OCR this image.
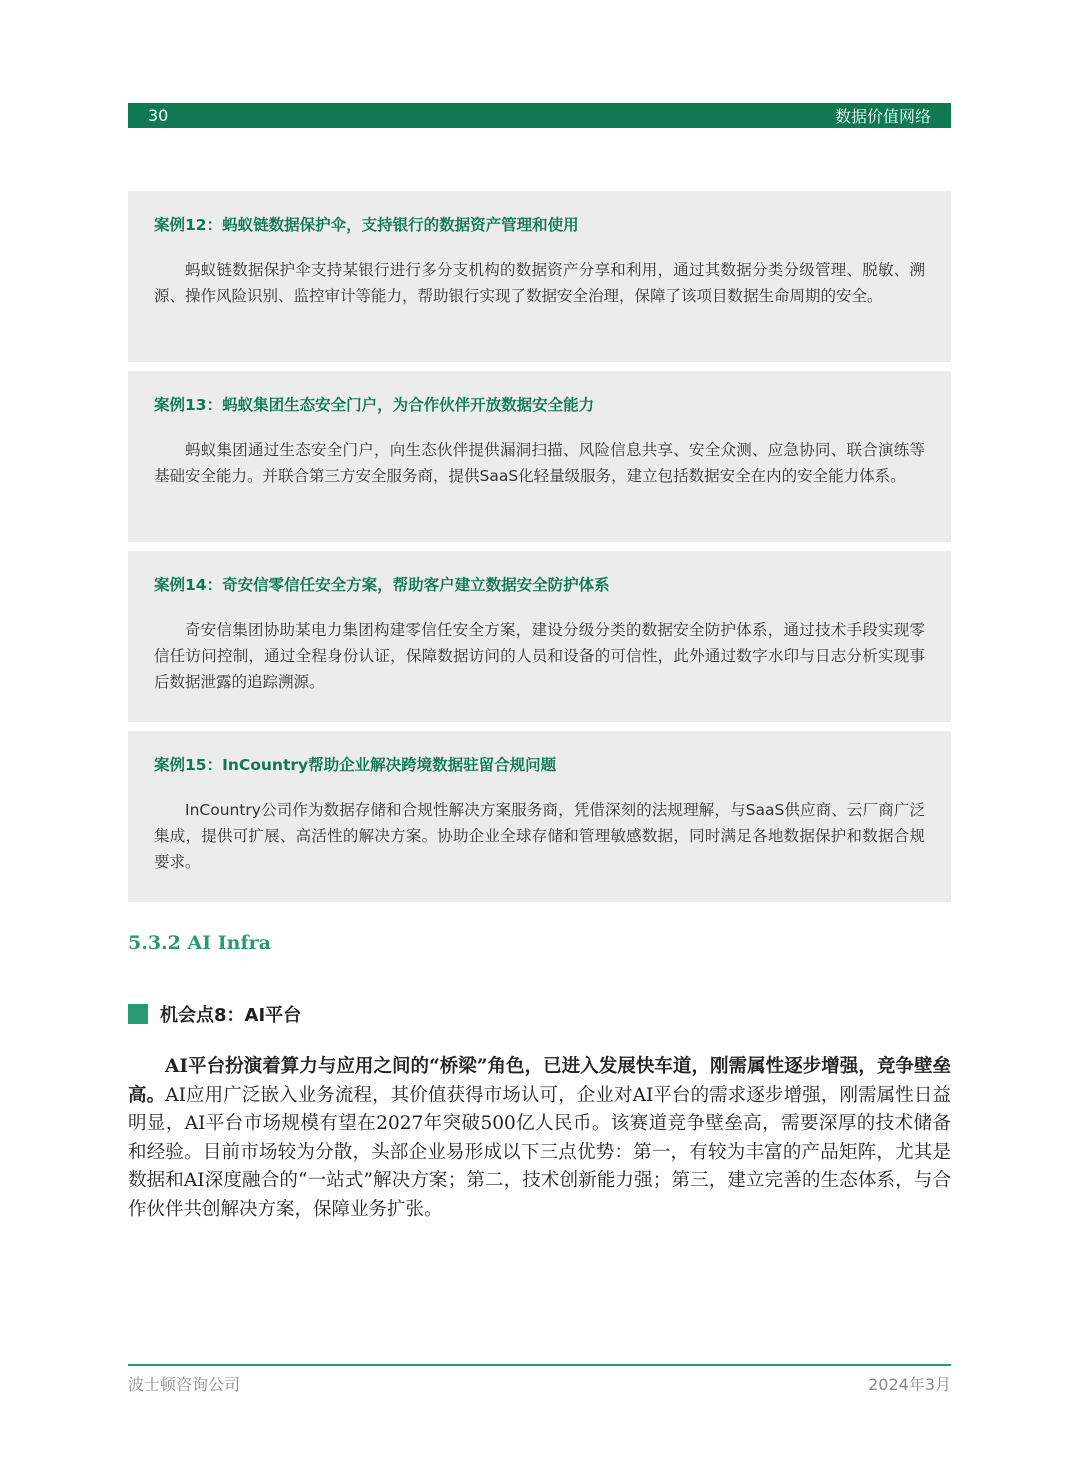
30	数据价值网络
案例12：蚂蚁链数据保护伞，支持银行的数据资产管理和使用
蚂蚁链数据保护伞支持某银行进行多分支机构的数据资产分享和利用，通过其数据分类分级管理、脱敏、溯源、操作风险识别、监控审计等能力，帮助银行实现了数据安全治理，保障了该项目数据生命周期的安全。
案例13：蚂蚁集团生态安全门户，为合作伙伴开放数据安全能力
蚂蚁集团通过生态安全门户，向生态伙伴提供漏洞扫描、风险信息共享、安全众测、应急协同、联合演练等基础安全能力。并联合第三方安全服务商，提供SaaS化轻量级服务，建立包括数据安全在内的安全能力体系。
案例14：奇安信零信任安全方案，帮助客户建立数据安全防护体系
奇安信集团协助某电力集团构建零信任安全方案，建设分级分类的数据安全防护体系，通过技术手段实现零信任访问控制，通过全程身份认证，保障数据访问的人员和设备的可信性，此外通过数字水印与日志分析实现事后数据泄露的追踪溯源。
案例15：InCountry帮助企业解决跨境数据驻留合规问题
InCountry公司作为数据存储和合规性解决方案服务商，凭借深刻的法规理解，与SaaS供应商、云厂商广泛集成，提供可扩展、高活性的解决方案。协助企业全球存储和管理敏感数据，同时满足各地数据保护和数据合规要求。
5.3.2 AI Infra
机会点8：AI平台
AI平台扮演着算力与应用之间的“桥梁”角色，已进入发展快车道，刚需属性逐步增强，竞争壁垒高。AI应用广泛嵌入业务流程，其价值获得市场认可，企业对AI平台的需求逐步增强，刚需属性日益明显，AI平台市场规模有望在2027年突破500亿人民币。该赛道竞争壁垒高，需要深厚的技术储备和经验。目前市场较为分散，头部企业易形成以下三点优势：第一，有较为丰富的产品矩阵，尤其是数据和AI深度融合的“一站式”解决方案；第二，技术创新能力强；第三，建立完善的生态体系，与合作伙伴共创解决方案，保障业务扩张。
波士顿咨询公司	2024年3月
